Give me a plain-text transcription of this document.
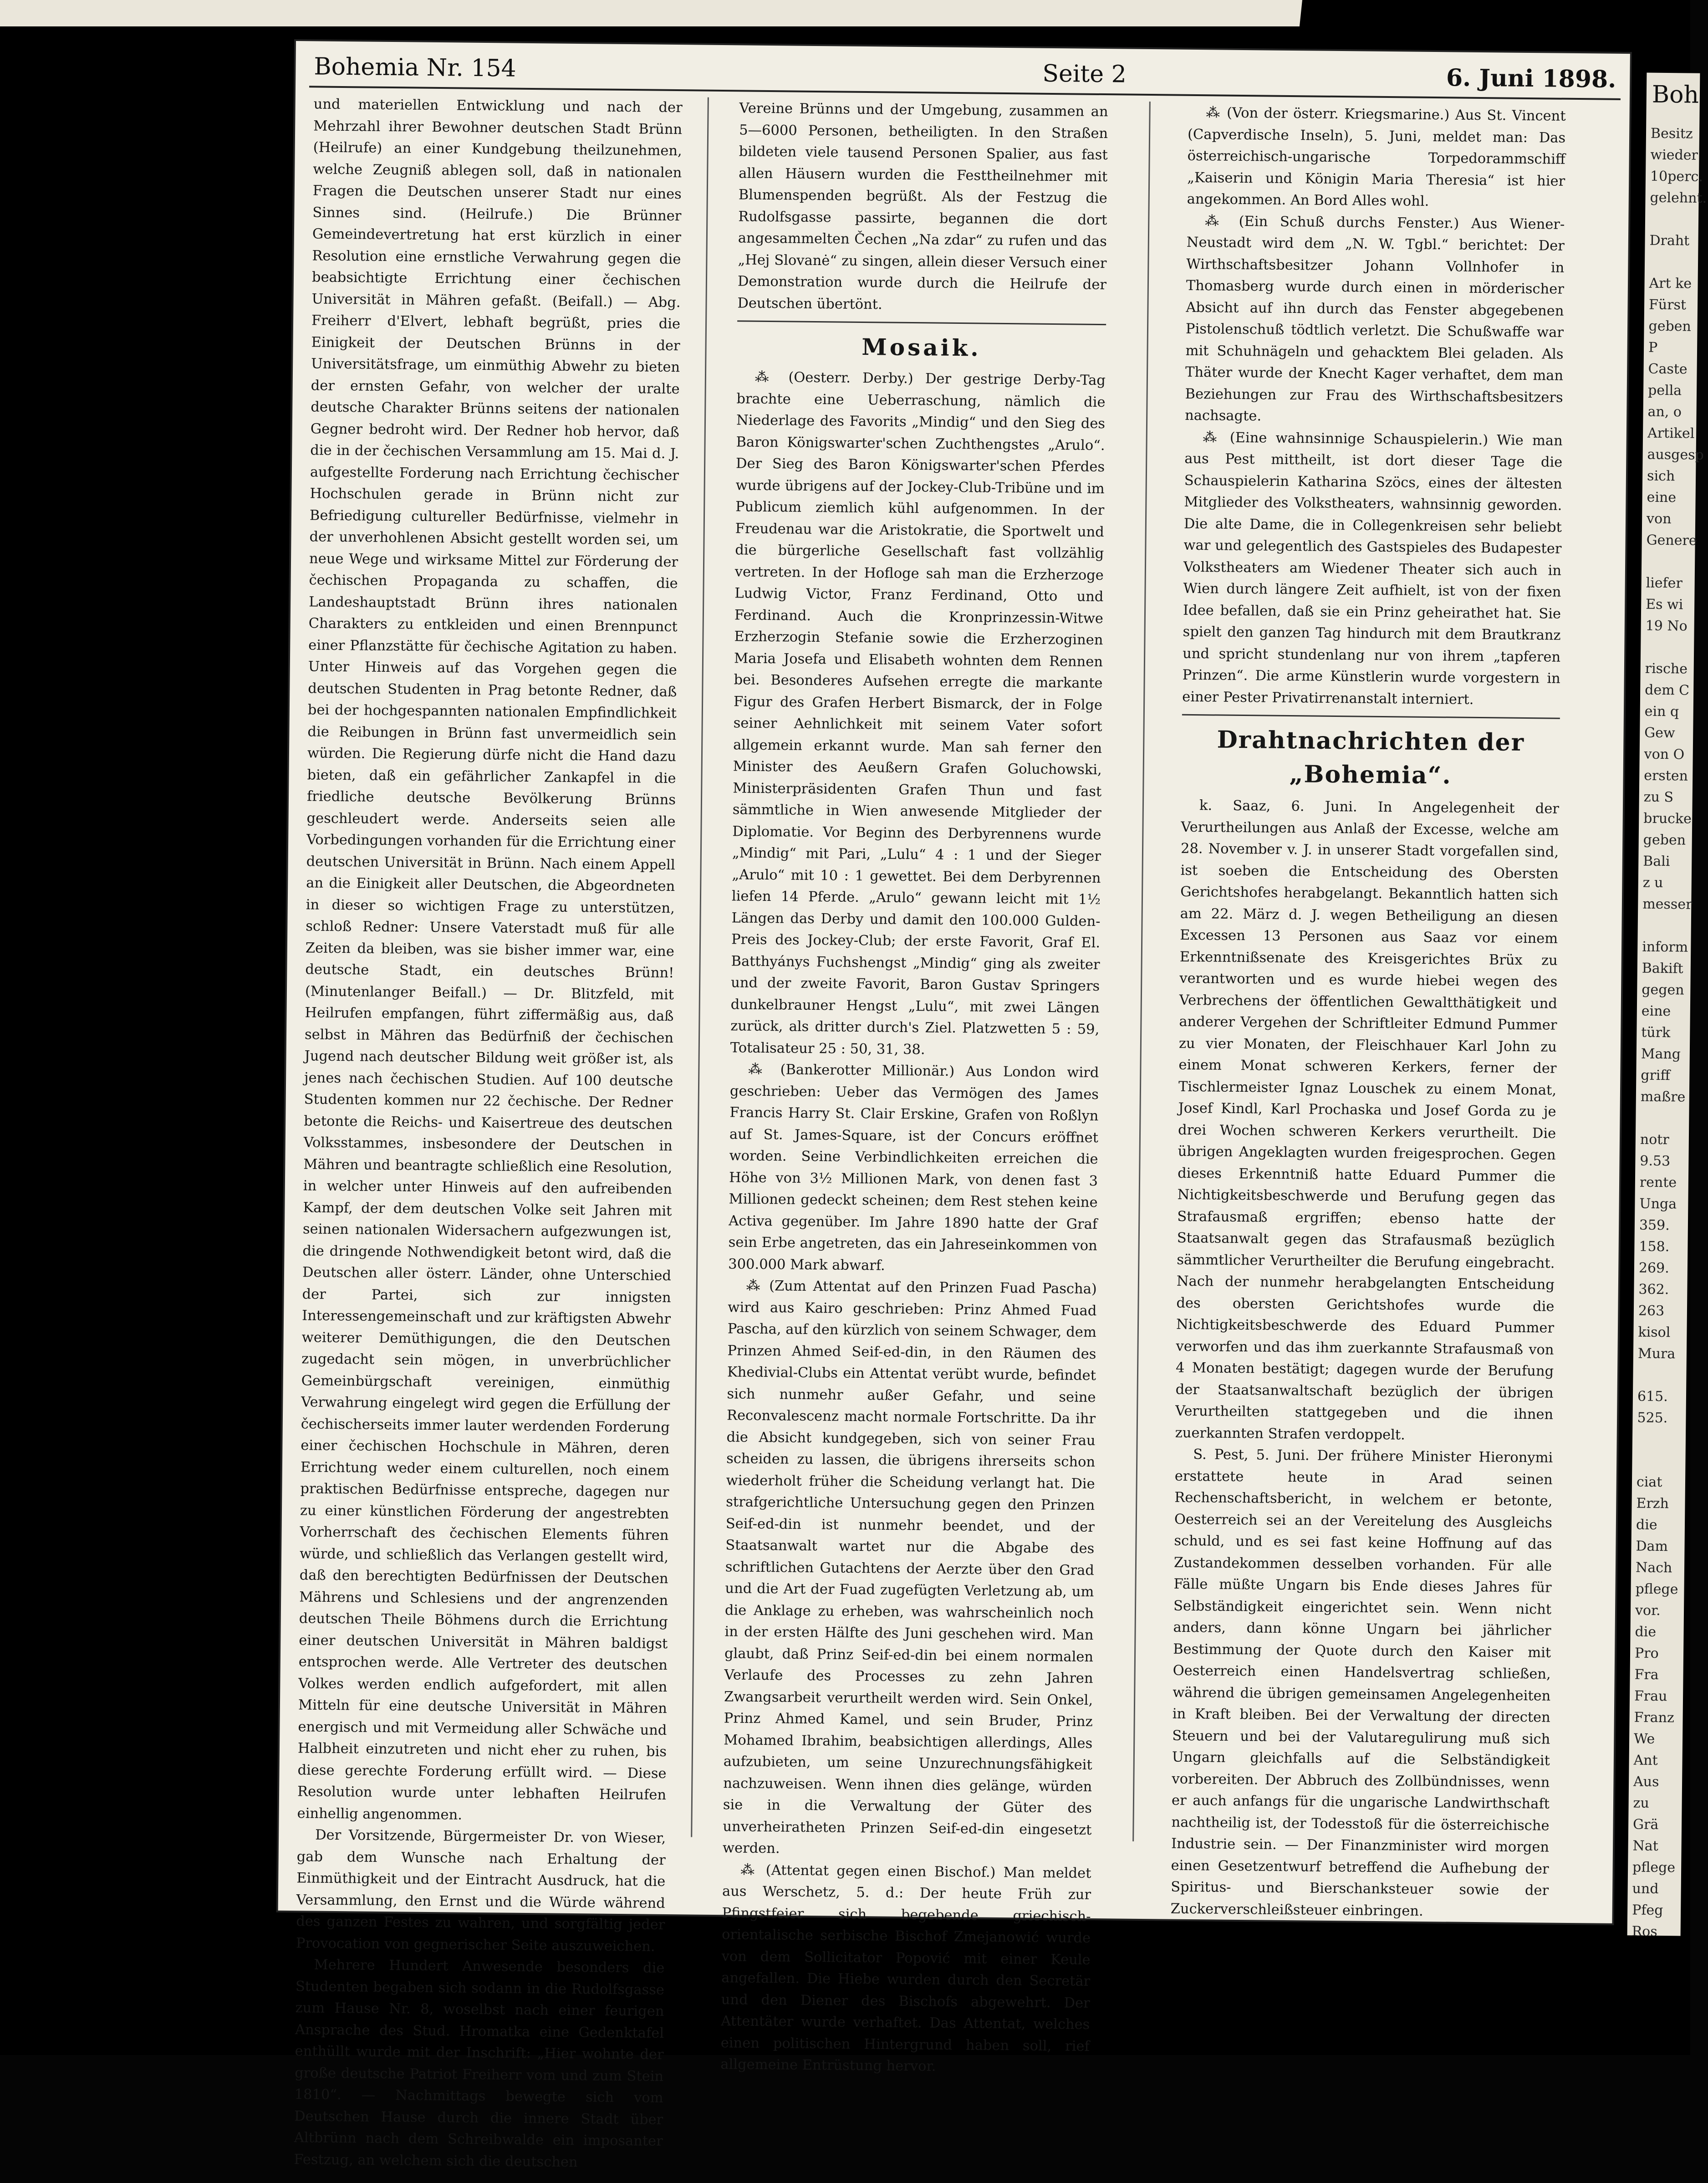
Bohemia Nr. 154	Seite 2	6. Juni 1898.

und materiellen Entwicklung und nach der Mehrzahl ihrer Bewohner deutschen Stadt Brünn (Heilrufe) an einer Kundgebung theilzunehmen, welche Zeugniß ablegen soll, daß in nationalen Fragen die Deutschen unserer Stadt nur eines Sinnes sind. (Heilrufe.) Die Brünner Gemeindevertretung hat erst kürzlich in einer Resolution eine ernstliche Verwahrung gegen die beabsichtigte Errichtung einer čechischen Universität in Mähren gefaßt. (Beifall.) — Abg. Freiherr d'Elvert, lebhaft begrüßt, pries die Einigkeit der Deutschen Brünns in der Universitätsfrage, um einmüthig Abwehr zu bieten der ernsten Gefahr, von welcher der uralte deutsche Charakter Brünns seitens der nationalen Gegner bedroht wird. Der Redner hob hervor, daß die in der čechischen Versammlung am 15. Mai d. J. aufgestellte Forderung nach Errichtung čechischer Hochschulen gerade in Brünn nicht zur Befriedigung cultureller Bedürfnisse, vielmehr in der unverhohlenen Absicht gestellt worden sei, um neue Wege und wirksame Mittel zur Förderung der čechischen Propaganda zu schaffen, die Landeshauptstadt Brünn ihres nationalen Charakters zu entkleiden und einen Brennpunct einer Pflanzstätte für čechische Agitation zu haben. Unter Hinweis auf das Vorgehen gegen die deutschen Studenten in Prag betonte Redner, daß bei der hochgespannten nationalen Empfindlichkeit die Reibungen in Brünn fast unvermeidlich sein würden. Die Regierung dürfe nicht die Hand dazu bieten, daß ein gefährlicher Zankapfel in die friedliche deutsche Bevölkerung Brünns geschleudert werde. Anderseits seien alle Vorbedingungen vorhanden für die Errichtung einer deutschen Universität in Brünn. Nach einem Appell an die Einigkeit aller Deutschen, die Abgeordneten in dieser so wichtigen Frage zu unterstützen, schloß Redner: Unsere Vaterstadt muß für alle Zeiten da bleiben, was sie bisher immer war, eine deutsche Stadt, ein deutsches Brünn! (Minutenlanger Beifall.) — Dr. Blitzfeld, mit Heilrufen empfangen, führt ziffermäßig aus, daß selbst in Mähren das Bedürfniß der čechischen Jugend nach deutscher Bildung weit größer ist, als jenes nach čechischen Studien. Auf 100 deutsche Studenten kommen nur 22 čechische. Der Redner betonte die Reichs- und Kaisertreue des deutschen Volksstammes, insbesondere der Deutschen in Mähren und beantragte schließlich eine Resolution, in welcher unter Hinweis auf den aufreibenden Kampf, der dem deutschen Volke seit Jahren mit seinen nationalen Widersachern aufgezwungen ist, die dringende Nothwendigkeit betont wird, daß die Deutschen aller österr. Länder, ohne Unterschied der Partei, sich zur innigsten Interessengemeinschaft und zur kräftigsten Abwehr weiterer Demüthigungen, die den Deutschen zugedacht sein mögen, in unverbrüchlicher Gemeinbürgschaft vereinigen, einmüthig Verwahrung eingelegt wird gegen die Erfüllung der čechischerseits immer lauter werdenden Forderung einer čechischen Hochschule in Mähren, deren Errichtung weder einem culturellen, noch einem praktischen Bedürfnisse entspreche, dagegen nur zu einer künstlichen Förderung der angestrebten Vorherrschaft des čechischen Elements führen würde, und schließlich das Verlangen gestellt wird, daß den berechtigten Bedürfnissen der Deutschen Mährens und Schlesiens und der angrenzenden deutschen Theile Böhmens durch die Errichtung einer deutschen Universität in Mähren baldigst entsprochen werde. Alle Vertreter des deutschen Volkes werden endlich aufgefordert, mit allen Mitteln für eine deutsche Universität in Mähren energisch und mit Vermeidung aller Schwäche und Halbheit einzutreten und nicht eher zu ruhen, bis diese gerechte Forderung erfüllt wird. — Diese Resolution wurde unter lebhaften Heilrufen einhellig angenommen.

Der Vorsitzende, Bürgermeister Dr. von Wieser, gab dem Wunsche nach Erhaltung der Einmüthigkeit und der Eintracht Ausdruck, hat die Versammlung, den Ernst und die Würde während des ganzen Festes zu wahren, und sorgfältig jeder Provocation von gegnerischer Seite auszuweichen.

Mehrere Hundert Anwesende besonders die Studenten begaben sich sodann in die Rudolfsgasse zum Hause Nr. 8, woselbst nach einer feurigen Ansprache des Stud. Hromatka eine Gedenktafel enthüllt wurde mit der Inschrift: „Hier wohnte der große deutsche Patriot Freiherr vom und zum Stein 1810“. — Nachmittags bewegte sich vom Deutschen Hause durch die innere Stadt über Altbrünn nach dem Schreibwalde ein imposanter Festzug, an welchem sich die deutschen

Vereine Brünns und der Umgebung, zusammen an 5—6000 Personen, betheiligten. In den Straßen bildeten viele tausend Personen Spalier, aus fast allen Häusern wurden die Festtheilnehmer mit Blumenspenden begrüßt. Als der Festzug die Rudolfsgasse passirte, begannen die dort angesammelten Čechen „Na zdar“ zu rufen und das „Hej Slovanė“ zu singen, allein dieser Versuch einer Demonstration wurde durch die Heilrufe der Deutschen übertönt.

Mosaik.

⁂ (Oesterr. Derby.) Der gestrige Derby-Tag brachte eine Ueberraschung, nämlich die Niederlage des Favorits „Mindig“ und den Sieg des Baron Königswarter'schen Zuchthengstes „Arulo“. Der Sieg des Baron Königswarter'schen Pferdes wurde übrigens auf der Jockey-Club-Tribüne und im Publicum ziemlich kühl aufgenommen. In der Freudenau war die Aristokratie, die Sportwelt und die bürgerliche Gesellschaft fast vollzählig vertreten. In der Hofloge sah man die Erzherzoge Ludwig Victor, Franz Ferdinand, Otto und Ferdinand. Auch die Kronprinzessin-Witwe Erzherzogin Stefanie sowie die Erzherzoginen Maria Josefa und Elisabeth wohnten dem Rennen bei. Besonderes Aufsehen erregte die markante Figur des Grafen Herbert Bismarck, der in Folge seiner Aehnlichkeit mit seinem Vater sofort allgemein erkannt wurde. Man sah ferner den Minister des Aeußern Grafen Goluchowski, Ministerpräsidenten Grafen Thun und fast sämmtliche in Wien anwesende Mitglieder der Diplomatie. Vor Beginn des Derbyrennens wurde „Mindig“ mit Pari, „Lulu“ 4 : 1 und der Sieger „Arulo“ mit 10 : 1 gewettet. Bei dem Derbyrennen liefen 14 Pferde. „Arulo“ gewann leicht mit 1½ Längen das Derby und damit den 100.000 Gulden-Preis des Jockey-Club; der erste Favorit, Graf El. Batthyánys Fuchshengst „Mindig“ ging als zweiter und der zweite Favorit, Baron Gustav Springers dunkelbrauner Hengst „Lulu“, mit zwei Längen zurück, als dritter durch's Ziel. Platzwetten 5 : 59, Totalisateur 25 : 50, 31, 38.

⁂ (Bankerotter Millionär.) Aus London wird geschrieben: Ueber das Vermögen des James Francis Harry St. Clair Erskine, Grafen von Roßlyn auf St. James-Square, ist der Concurs eröffnet worden. Seine Verbindlichkeiten erreichen die Höhe von 3½ Millionen Mark, von denen fast 3 Millionen gedeckt scheinen; dem Rest stehen keine Activa gegenüber. Im Jahre 1890 hatte der Graf sein Erbe angetreten, das ein Jahreseinkommen von 300.000 Mark abwarf.

⁂ (Zum Attentat auf den Prinzen Fuad Pascha) wird aus Kairo geschrieben: Prinz Ahmed Fuad Pascha, auf den kürzlich von seinem Schwager, dem Prinzen Ahmed Seif-ed-din, in den Räumen des Khedivial-Clubs ein Attentat verübt wurde, befindet sich nunmehr außer Gefahr, und seine Reconvalescenz macht normale Fortschritte. Da ihr die Absicht kundgegeben, sich von seiner Frau scheiden zu lassen, die übrigens ihrerseits schon wiederholt früher die Scheidung verlangt hat. Die strafgerichtliche Untersuchung gegen den Prinzen Seif-ed-din ist nunmehr beendet, und der Staatsanwalt wartet nur die Abgabe des schriftlichen Gutachtens der Aerzte über den Grad und die Art der Fuad zugefügten Verletzung ab, um die Anklage zu erheben, was wahrscheinlich noch in der ersten Hälfte des Juni geschehen wird. Man glaubt, daß Prinz Seif-ed-din bei einem normalen Verlaufe des Processes zu zehn Jahren Zwangsarbeit verurtheilt werden wird. Sein Onkel, Prinz Ahmed Kamel, und sein Bruder, Prinz Mohamed Ibrahim, beabsichtigen allerdings, Alles aufzubieten, um seine Unzurechnungsfähigkeit nachzuweisen. Wenn ihnen dies gelänge, würden sie in die Verwaltung der Güter des unverheiratheten Prinzen Seif-ed-din eingesetzt werden.

⁂ (Attentat gegen einen Bischof.) Man meldet aus Werschetz, 5. d.: Der heute Früh zur Pfingstfeier sich begebende griechisch-orientalische serbische Bischof Zmejanowić wurde von dem Sollicitator Popović mit einer Keule angefallen. Die Hiebe wurden durch den Secretär und den Diener des Bischofs abgewehrt. Der Attentäter wurde verhaftet. Das Attentat, welches einen politischen Hintergrund haben soll, rief allgemeine Entrüstung hervor.

⁂ (Von der österr. Kriegsmarine.) Aus St. Vincent (Capverdische Inseln), 5. Juni, meldet man: Das österreichisch-ungarische Torpedorammschiff „Kaiserin und Königin Maria Theresia“ ist hier angekommen. An Bord Alles wohl.

⁂ (Ein Schuß durchs Fenster.) Aus Wiener-Neustadt wird dem „N. W. Tgbl.“ berichtet: Der Wirthschaftsbesitzer Johann Vollnhofer in Thomasberg wurde durch einen in mörderischer Absicht auf ihn durch das Fenster abgegebenen Pistolenschuß tödtlich verletzt. Die Schußwaffe war mit Schuhnägeln und gehacktem Blei geladen. Als Thäter wurde der Knecht Kager verhaftet, dem man Beziehungen zur Frau des Wirthschaftsbesitzers nachsagte.

⁂ (Eine wahnsinnige Schauspielerin.) Wie man aus Pest mittheilt, ist dort dieser Tage die Schauspielerin Katharina Szöcs, eines der ältesten Mitglieder des Volkstheaters, wahnsinnig geworden. Die alte Dame, die in Collegenkreisen sehr beliebt war und gelegentlich des Gastspieles des Budapester Volkstheaters am Wiedener Theater sich auch in Wien durch längere Zeit aufhielt, ist von der fixen Idee befallen, daß sie ein Prinz geheirathet hat. Sie spielt den ganzen Tag hindurch mit dem Brautkranz und spricht stundenlang nur von ihrem „tapferen Prinzen“. Die arme Künstlerin wurde vorgestern in einer Pester Privatirrenanstalt interniert.

Drahtnachrichten der „Bohemia“.

k. Saaz, 6. Juni. In Angelegenheit der Verurtheilungen aus Anlaß der Excesse, welche am 28. November v. J. in unserer Stadt vorgefallen sind, ist soeben die Entscheidung des Obersten Gerichtshofes herabgelangt. Bekanntlich hatten sich am 22. März d. J. wegen Betheiligung an diesen Excessen 13 Personen aus Saaz vor einem Erkenntnißsenate des Kreisgerichtes Brüx zu verantworten und es wurde hiebei wegen des Verbrechens der öffentlichen Gewaltthätigkeit und anderer Vergehen der Schriftleiter Edmund Pummer zu vier Monaten, der Fleischhauer Karl John zu einem Monat schweren Kerkers, ferner der Tischlermeister Ignaz Louschek zu einem Monat, Josef Kindl, Karl Prochaska und Josef Gorda zu je drei Wochen schweren Kerkers verurtheilt. Die übrigen Angeklagten wurden freigesprochen. Gegen dieses Erkenntniß hatte Eduard Pummer die Nichtigkeitsbeschwerde und Berufung gegen das Strafausmaß ergriffen; ebenso hatte der Staatsanwalt gegen das Strafausmaß bezüglich sämmtlicher Verurtheilter die Berufung eingebracht. Nach der nunmehr herabgelangten Entscheidung des obersten Gerichtshofes wurde die Nichtigkeitsbeschwerde des Eduard Pummer verworfen und das ihm zuerkannte Strafausmaß von 4 Monaten bestätigt; dagegen wurde der Berufung der Staatsanwaltschaft bezüglich der übrigen Verurtheilten stattgegeben und die ihnen zuerkannten Strafen verdoppelt.

S. Pest, 5. Juni. Der frühere Minister Hieronymi erstattete heute in Arad seinen Rechenschaftsbericht, in welchem er betonte, Oesterreich sei an der Vereitelung des Ausgleichs schuld, und es sei fast keine Hoffnung auf das Zustandekommen desselben vorhanden. Für alle Fälle müßte Ungarn bis Ende dieses Jahres für Selbständigkeit eingerichtet sein. Wenn nicht anders, dann könne Ungarn bei jährlicher Bestimmung der Quote durch den Kaiser mit Oesterreich einen Handelsvertrag schließen, während die übrigen gemeinsamen Angelegenheiten in Kraft bleiben. Bei der Verwaltung der directen Steuern und bei der Valutaregulirung muß sich Ungarn gleichfalls auf die Selbständigkeit vorbereiten. Der Abbruch des Zollbündnisses, wenn er auch anfangs für die ungarische Landwirthschaft nachtheilig ist, der Todesstoß für die österreichische Industrie sein. — Der Finanzminister wird morgen einen Gesetzentwurf betreffend die Aufhebung der Spiritus- und Bierschanksteuer sowie der Zuckerverschleißsteuer einbringen.

Boh
Besitz
wieder
10perc.
gelehnt.
Draht
Art ke
Fürst
geben
P
Caste
pella
an, o
Artikel
ausgesp
sich
eine
von
Genere
liefer
Es wi
19 No
rische
dem C
ein q
Gew
von O
ersten
zu S
brucke
geben
Bali
z u
messer
inform
Bakift
gegen
eine
türk
Mang
griff
maßre
notr
9.53
rente
Unga
359.
158.
269.
362.
263
kisol
Mura
615.
525.
ciat
Erzh
die
Dam
Nach
pflege
vor.
die
Pro
Fra
Frau
Franz
We
Ant
Aus
zu
Grä
Nat
pflege
und
Pfeg
Ros
